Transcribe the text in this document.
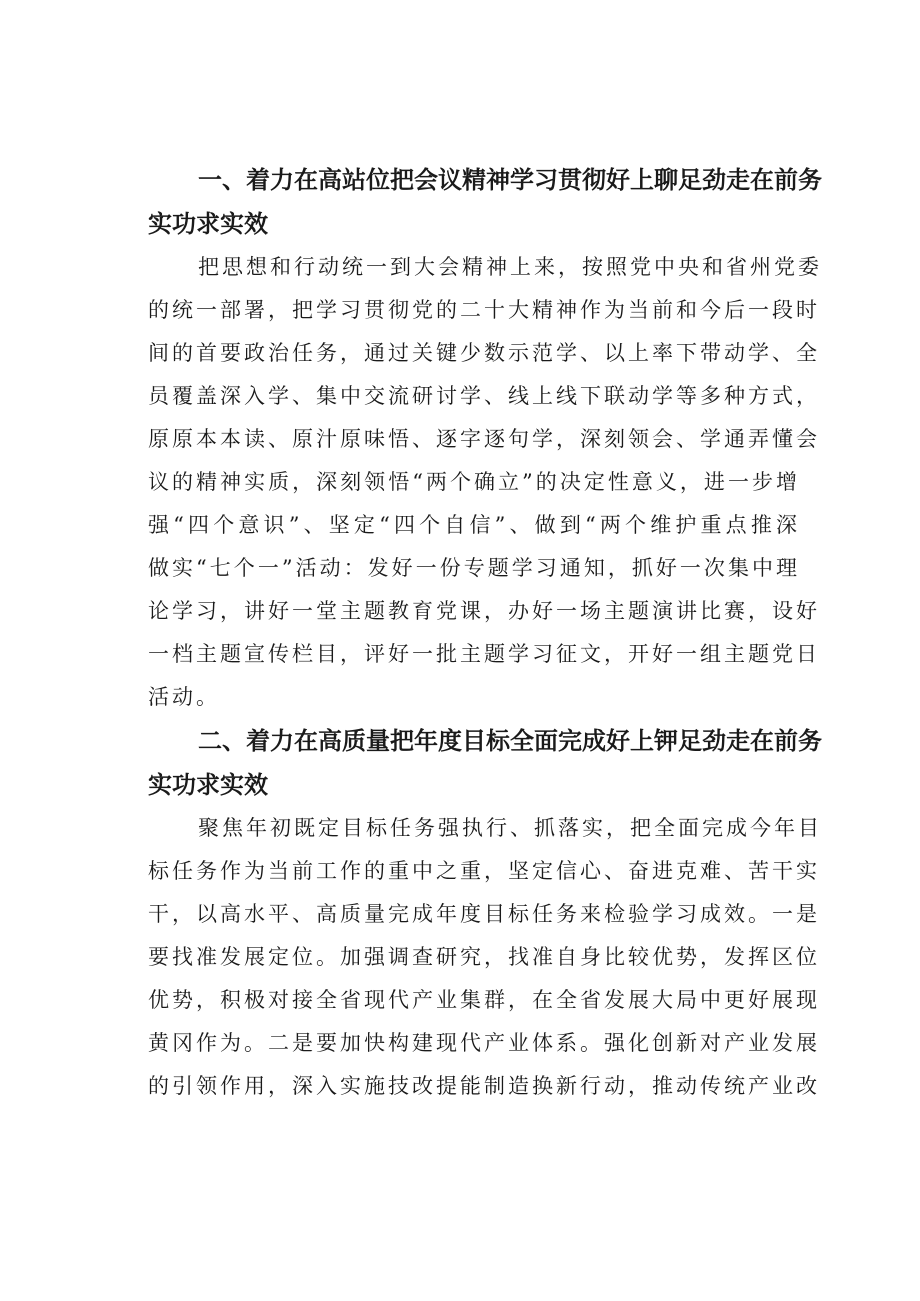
一、着力在高站位把会议精神学习贯彻好上聊足劲走在前务
实功求实效
把思想和行动统一到大会精神上来，按照党中央和省州党委
的统一部署，把学习贯彻党的二十大精神作为当前和今后一段时
间的首要政治任务，通过关键少数示范学、以上率下带动学、全
员覆盖深入学、集中交流研讨学、线上线下联动学等多种方式，
原原本本读、原汁原味悟、逐字逐句学，深刻领会、学通弄懂会
议的精神实质，深刻领悟“两个确立”的决定性意义，进一步增
强“四个意识”、坚定“四个自信”、做到“两个维护重点推深
做实“七个一”活动：发好一份专题学习通知，抓好一次集中理
论学习，讲好一堂主题教育党课，办好一场主题演讲比赛，设好
一档主题宣传栏目，评好一批主题学习征文，开好一组主题党日
活动。
二、着力在高质量把年度目标全面完成好上钾足劲走在前务
实功求实效
聚焦年初既定目标任务强执行、抓落实，把全面完成今年目
标任务作为当前工作的重中之重，坚定信心、奋进克难、苦干实
干，以高水平、高质量完成年度目标任务来检验学习成效。一是
要找准发展定位。加强调查研究，找准自身比较优势，发挥区位
优势，积极对接全省现代产业集群，在全省发展大局中更好展现
黄冈作为。二是要加快构建现代产业体系。强化创新对产业发展
的引领作用，深入实施技改提能制造换新行动，推动传统产业改
